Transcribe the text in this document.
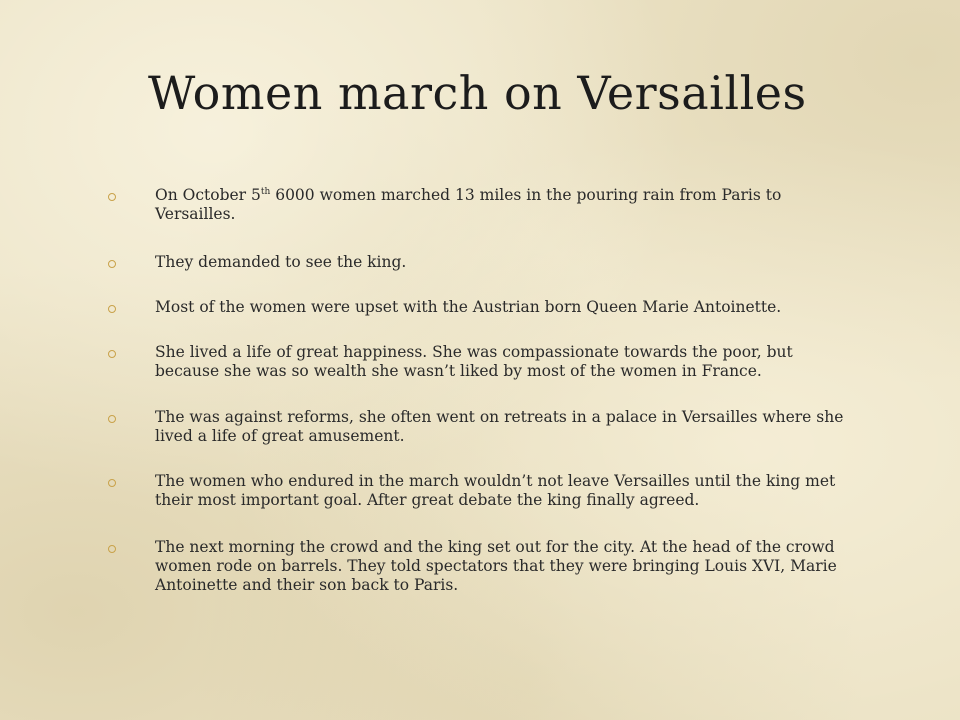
Women march on Versailles
On October 5th 6000 women marched 13 miles in the pouring rain from Paris to Versailles.
They demanded to see the king.
Most of the women were upset with the Austrian born Queen Marie Antoinette.
She lived a life of great happiness. She was compassionate towards the poor, but because she was so wealth she wasn’t liked by most of the women in France.
The was against reforms, she often went on retreats in a palace in Versailles where she lived a life of great amusement.
The women who endured in the march wouldn’t not leave Versailles until the king met their most important goal. After great debate the king finally agreed.
The next morning the crowd and the king set out for the city. At the head of the crowd women rode on barrels. They told spectators that they were bringing Louis XVI, Marie Antoinette and their son back to Paris.
